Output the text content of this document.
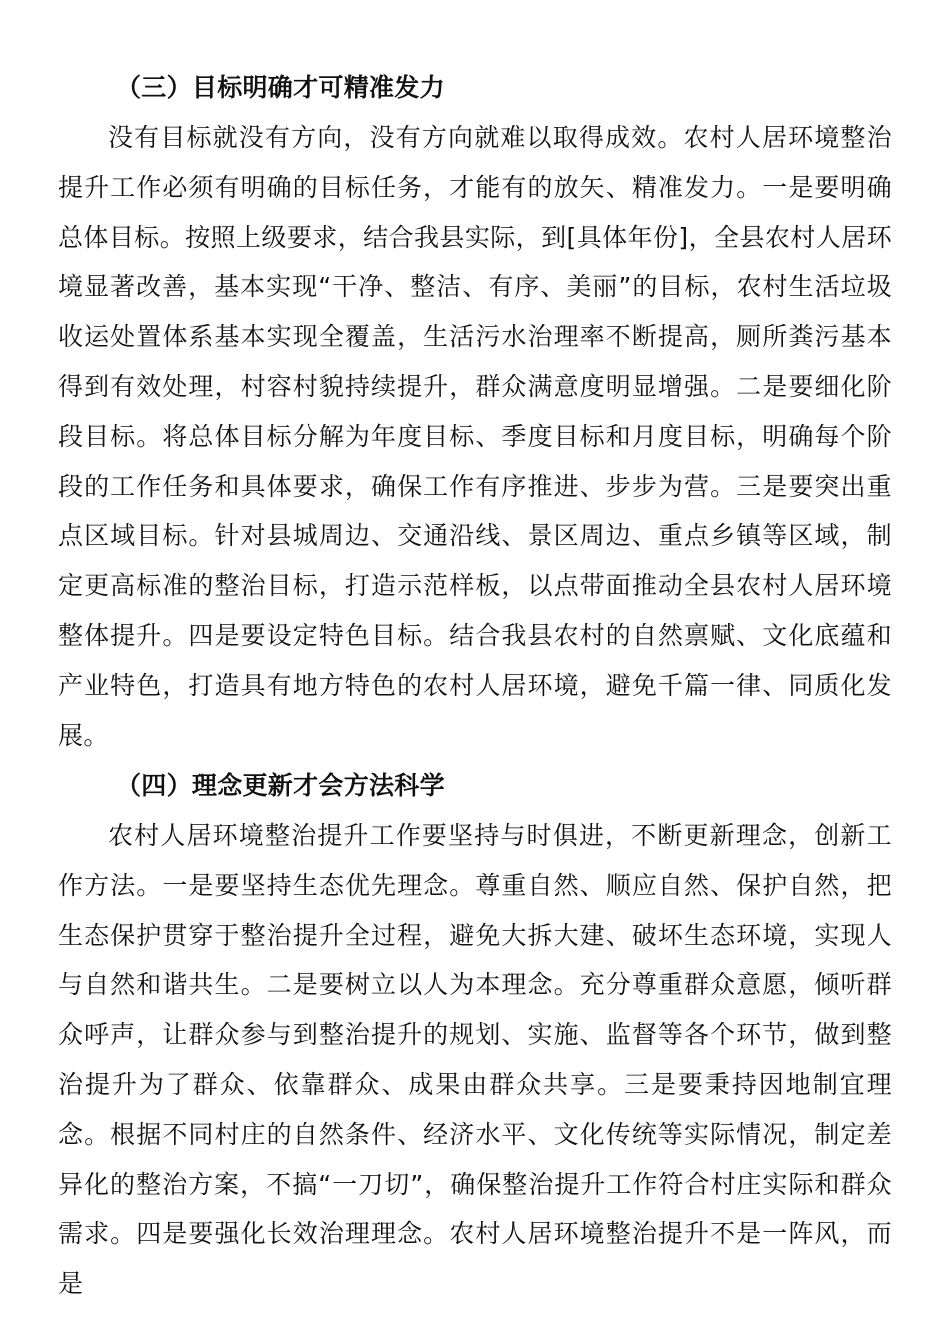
（三）目标明确才可精准发力

没有目标就没有方向，没有方向就难以取得成效。农村人居环境整治提升工作必须有明确的目标任务，才能有的放矢、精准发力。一是要明确总体目标。按照上级要求，结合我县实际，到[具体年份]，全县农村人居环境显著改善，基本实现“干净、整洁、有序、美丽”的目标，农村生活垃圾收运处置体系基本实现全覆盖，生活污水治理率不断提高，厕所粪污基本得到有效处理，村容村貌持续提升，群众满意度明显增强。二是要细化阶段目标。将总体目标分解为年度目标、季度目标和月度目标，明确每个阶段的工作任务和具体要求，确保工作有序推进、步步为营。三是要突出重点区域目标。针对县城周边、交通沿线、景区周边、重点乡镇等区域，制定更高标准的整治目标，打造示范样板，以点带面推动全县农村人居环境整体提升。四是要设定特色目标。结合我县农村的自然禀赋、文化底蕴和产业特色，打造具有地方特色的农村人居环境，避免千篇一律、同质化发展。

（四）理念更新才会方法科学

农村人居环境整治提升工作要坚持与时俱进，不断更新理念，创新工作方法。一是要坚持生态优先理念。尊重自然、顺应自然、保护自然，把生态保护贯穿于整治提升全过程，避免大拆大建、破坏生态环境，实现人与自然和谐共生。二是要树立以人为本理念。充分尊重群众意愿，倾听群众呼声，让群众参与到整治提升的规划、实施、监督等各个环节，做到整治提升为了群众、依靠群众、成果由群众共享。三是要秉持因地制宜理念。根据不同村庄的自然条件、经济水平、文化传统等实际情况，制定差异化的整治方案，不搞“一刀切”，确保整治提升工作符合村庄实际和群众需求。四是要强化长效治理理念。农村人居环境整治提升不是一阵风，而是
